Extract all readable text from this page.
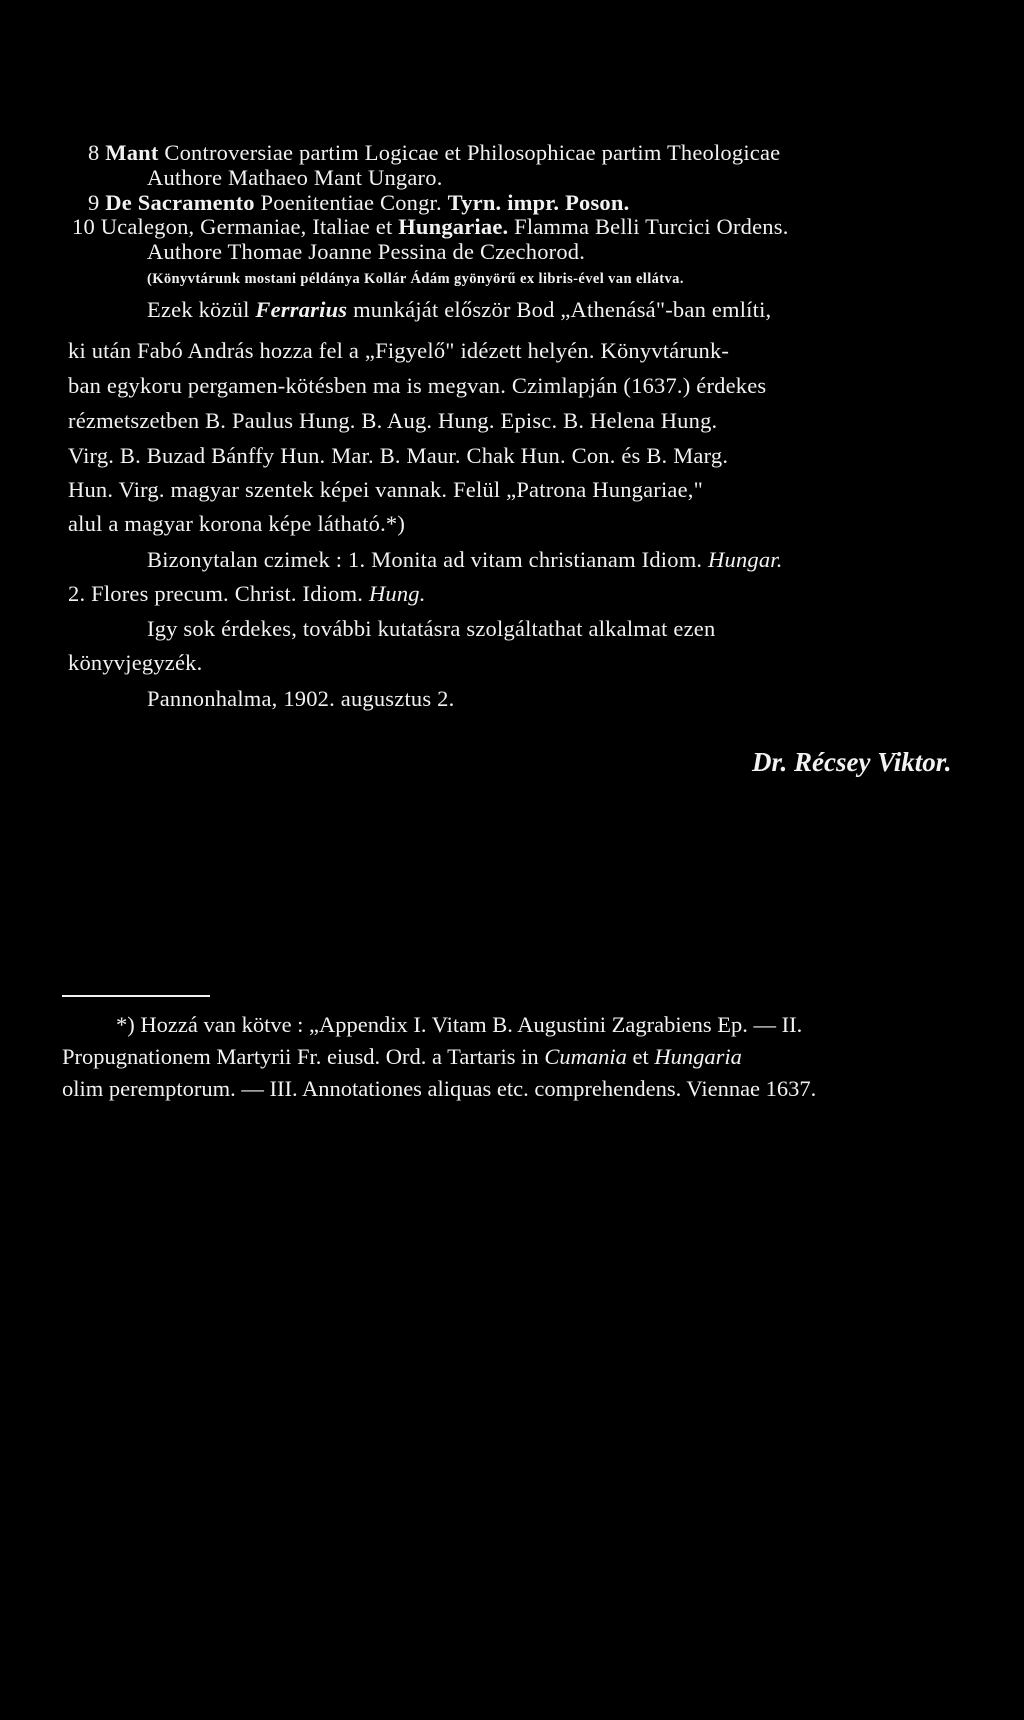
8 Mant Controversiae partim Logicae et Philosophicae partim Theologicae
Authore Mathaeo Mant Ungaro.
9 De Sacramento Poenitentiae Congr. Tyrn. impr. Poson.
10 Ucalegon, Germaniae, Italiae et Hungariae. Flamma Belli Turcici Ordens.
Authore Thomae Joanne Pessina de Czechorod.
(Könyvtárunk mostani példánya Kollár Ádám gyönyörű ex libris-ével van ellátva.
Ezek közül Ferrarius munkáját először Bod „Athenásá"-ban említi,
ki után Fabó András hozza fel a „Figyelő" idézett helyén. Könyvtárunk-
ban egykoru pergamen-kötésben ma is megvan. Czimlapján (1637.) érdekes
rézmetszetben B. Paulus Hung. B. Aug. Hung. Episc. B. Helena Hung.
Virg. B. Buzad Bánffy Hun. Mar. B. Maur. Chak Hun. Con. és B. Marg.
Hun. Virg. magyar szentek képei vannak. Felül „Patrona Hungariae,"
alul a magyar korona képe látható.*)
Bizonytalan czimek : 1. Monita ad vitam christianam Idiom. Hungar.
2. Flores precum. Christ. Idiom. Hung.
Igy sok érdekes, további kutatásra szolgáltathat alkalmat ezen
könyvjegyzék.
Pannonhalma, 1902. augusztus 2.
Dr. Récsey Viktor.
*) Hozzá van kötve : „Appendix I. Vitam B. Augustini Zagrabiens Ep. — II.
Propugnationem Martyrii Fr. eiusd. Ord. a Tartaris in Cumania et Hungaria
olim peremptorum. — III. Annotationes aliquas etc. comprehendens. Viennae 1637.
